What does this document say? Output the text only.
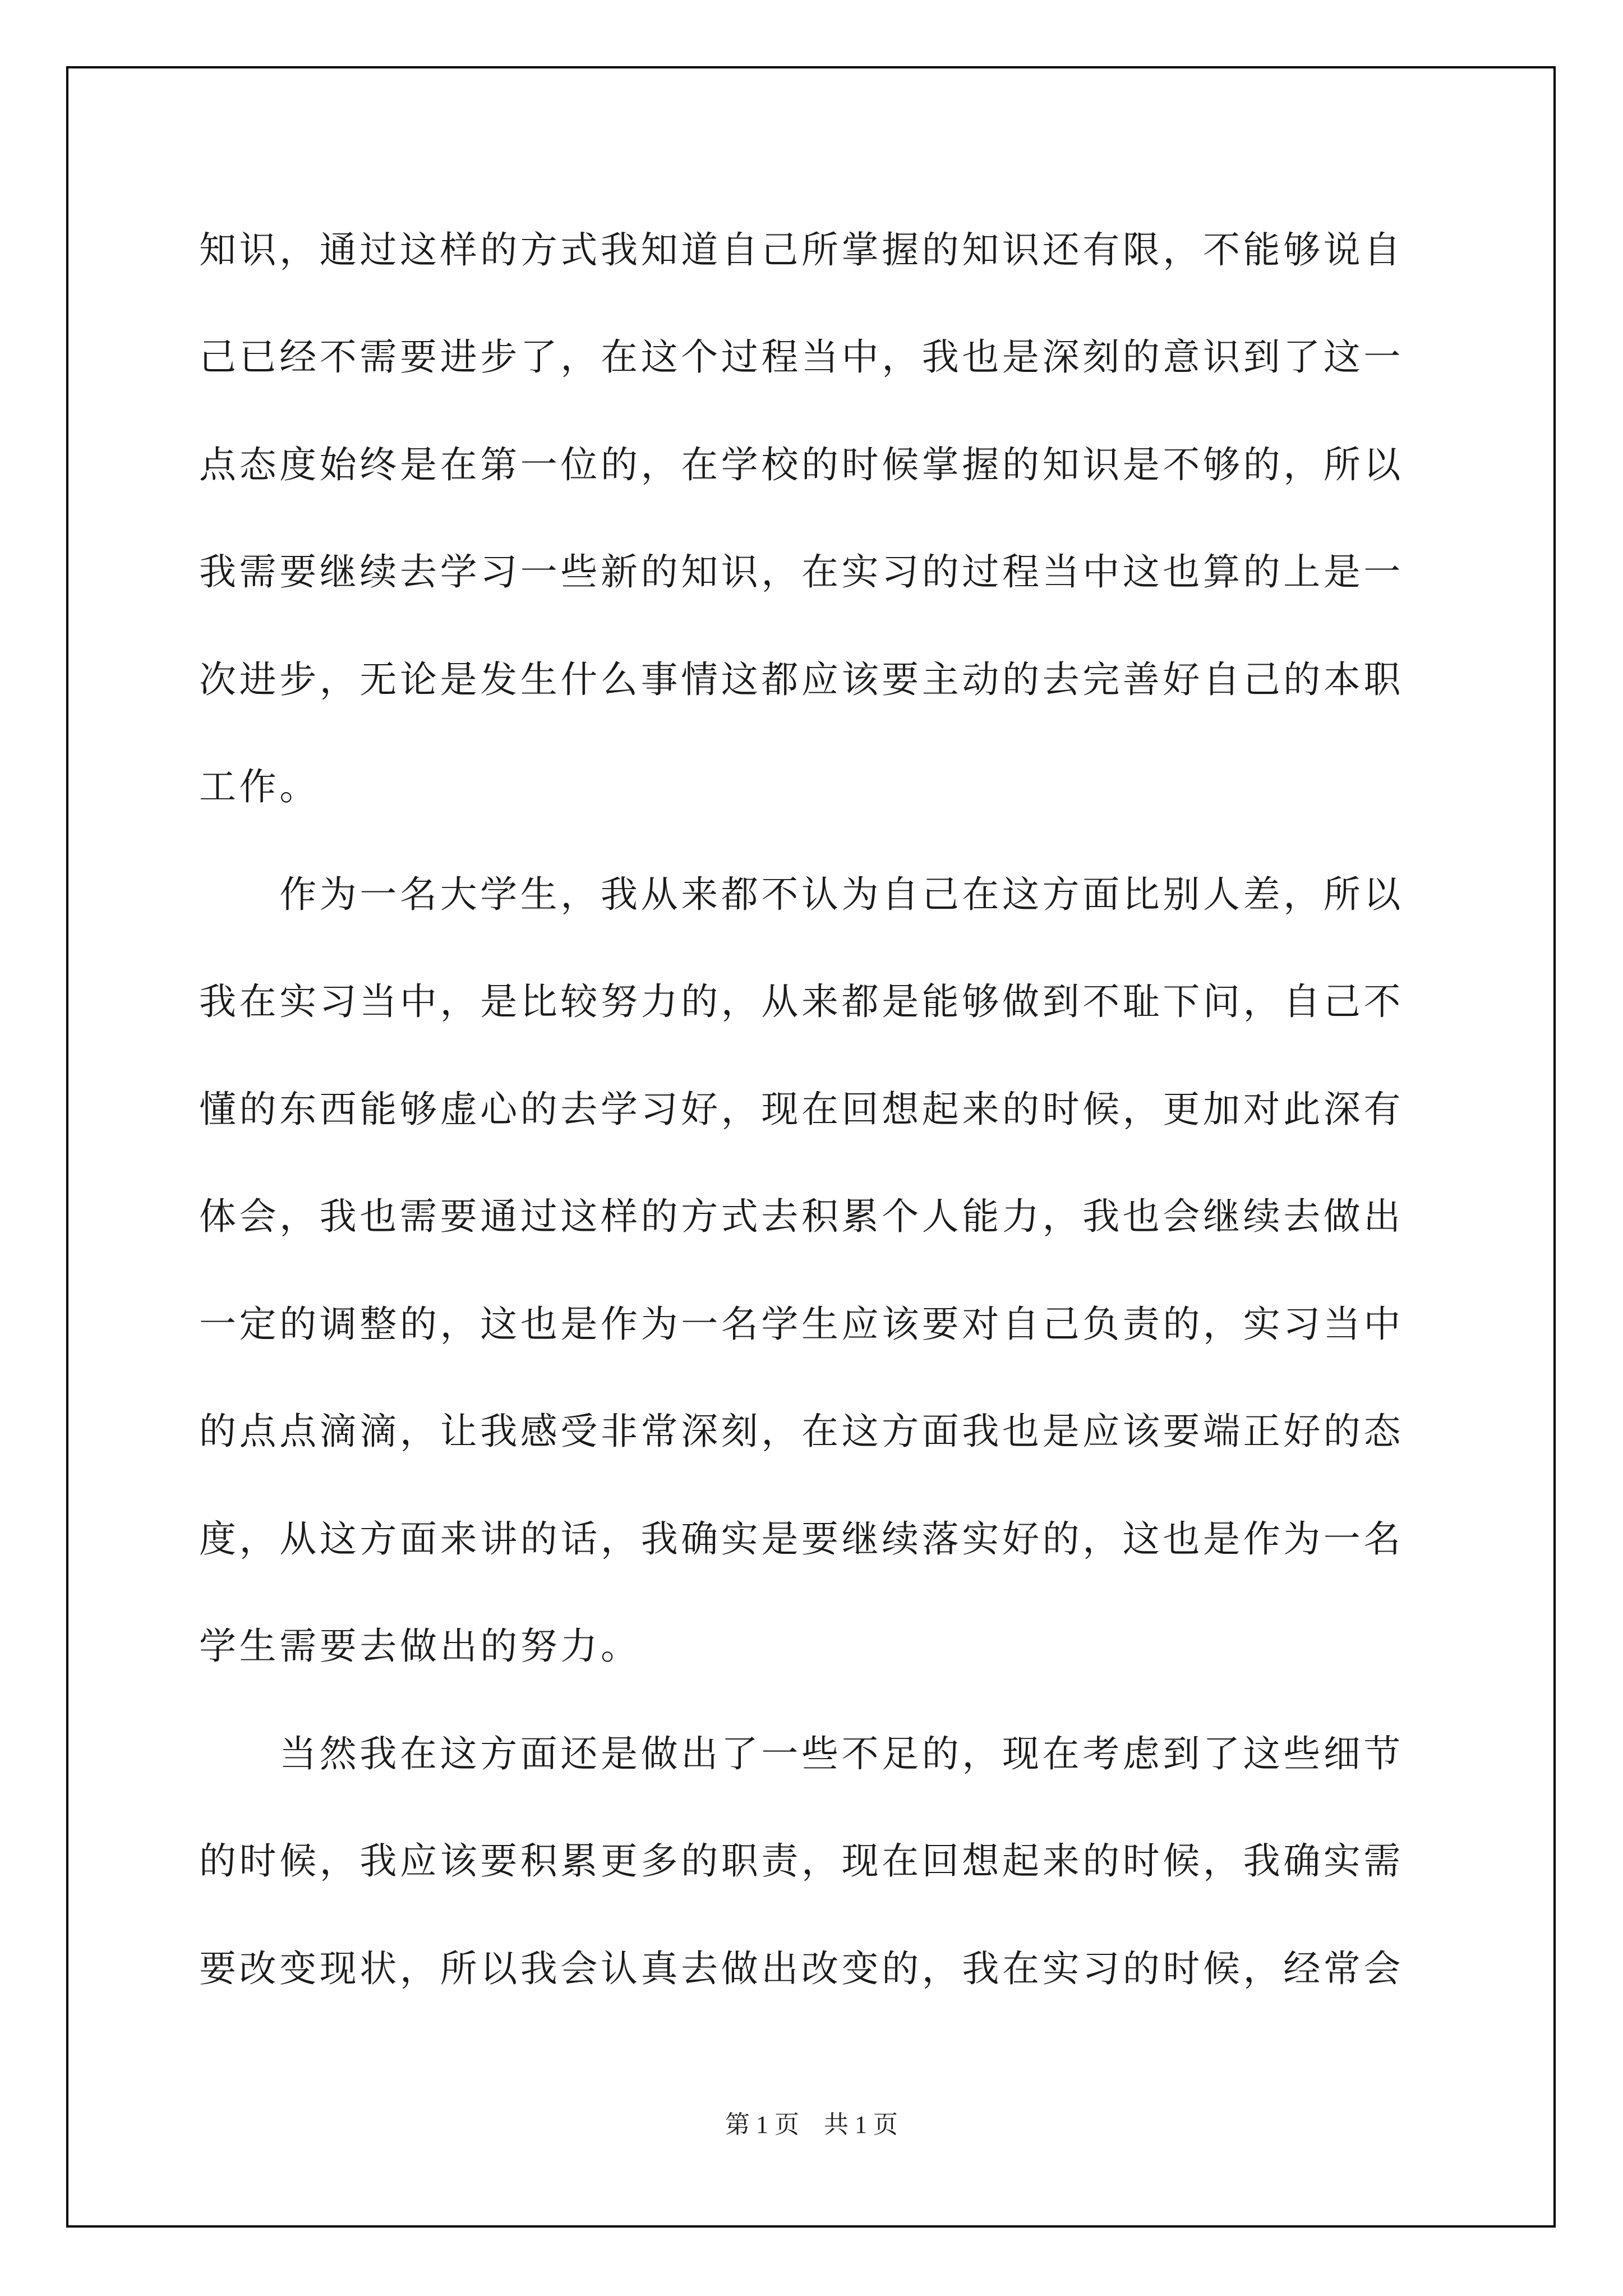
知识，通过这样的方式我知道自己所掌握的知识还有限，不能够说自
己已经不需要进步了，在这个过程当中，我也是深刻的意识到了这一
点态度始终是在第一位的，在学校的时候掌握的知识是不够的，所以
我需要继续去学习一些新的知识，在实习的过程当中这也算的上是一
次进步，无论是发生什么事情这都应该要主动的去完善好自己的本职
工作。
　　作为一名大学生，我从来都不认为自己在这方面比别人差，所以
我在实习当中，是比较努力的，从来都是能够做到不耻下问，自己不
懂的东西能够虚心的去学习好，现在回想起来的时候，更加对此深有
体会，我也需要通过这样的方式去积累个人能力，我也会继续去做出
一定的调整的，这也是作为一名学生应该要对自己负责的，实习当中
的点点滴滴，让我感受非常深刻，在这方面我也是应该要端正好的态
度，从这方面来讲的话，我确实是要继续落实好的，这也是作为一名
学生需要去做出的努力。
　　当然我在这方面还是做出了一些不足的，现在考虑到了这些细节
的时候，我应该要积累更多的职责，现在回想起来的时候，我确实需
要改变现状，所以我会认真去做出改变的，我在实习的时候，经常会
第 1 页　共 1 页
